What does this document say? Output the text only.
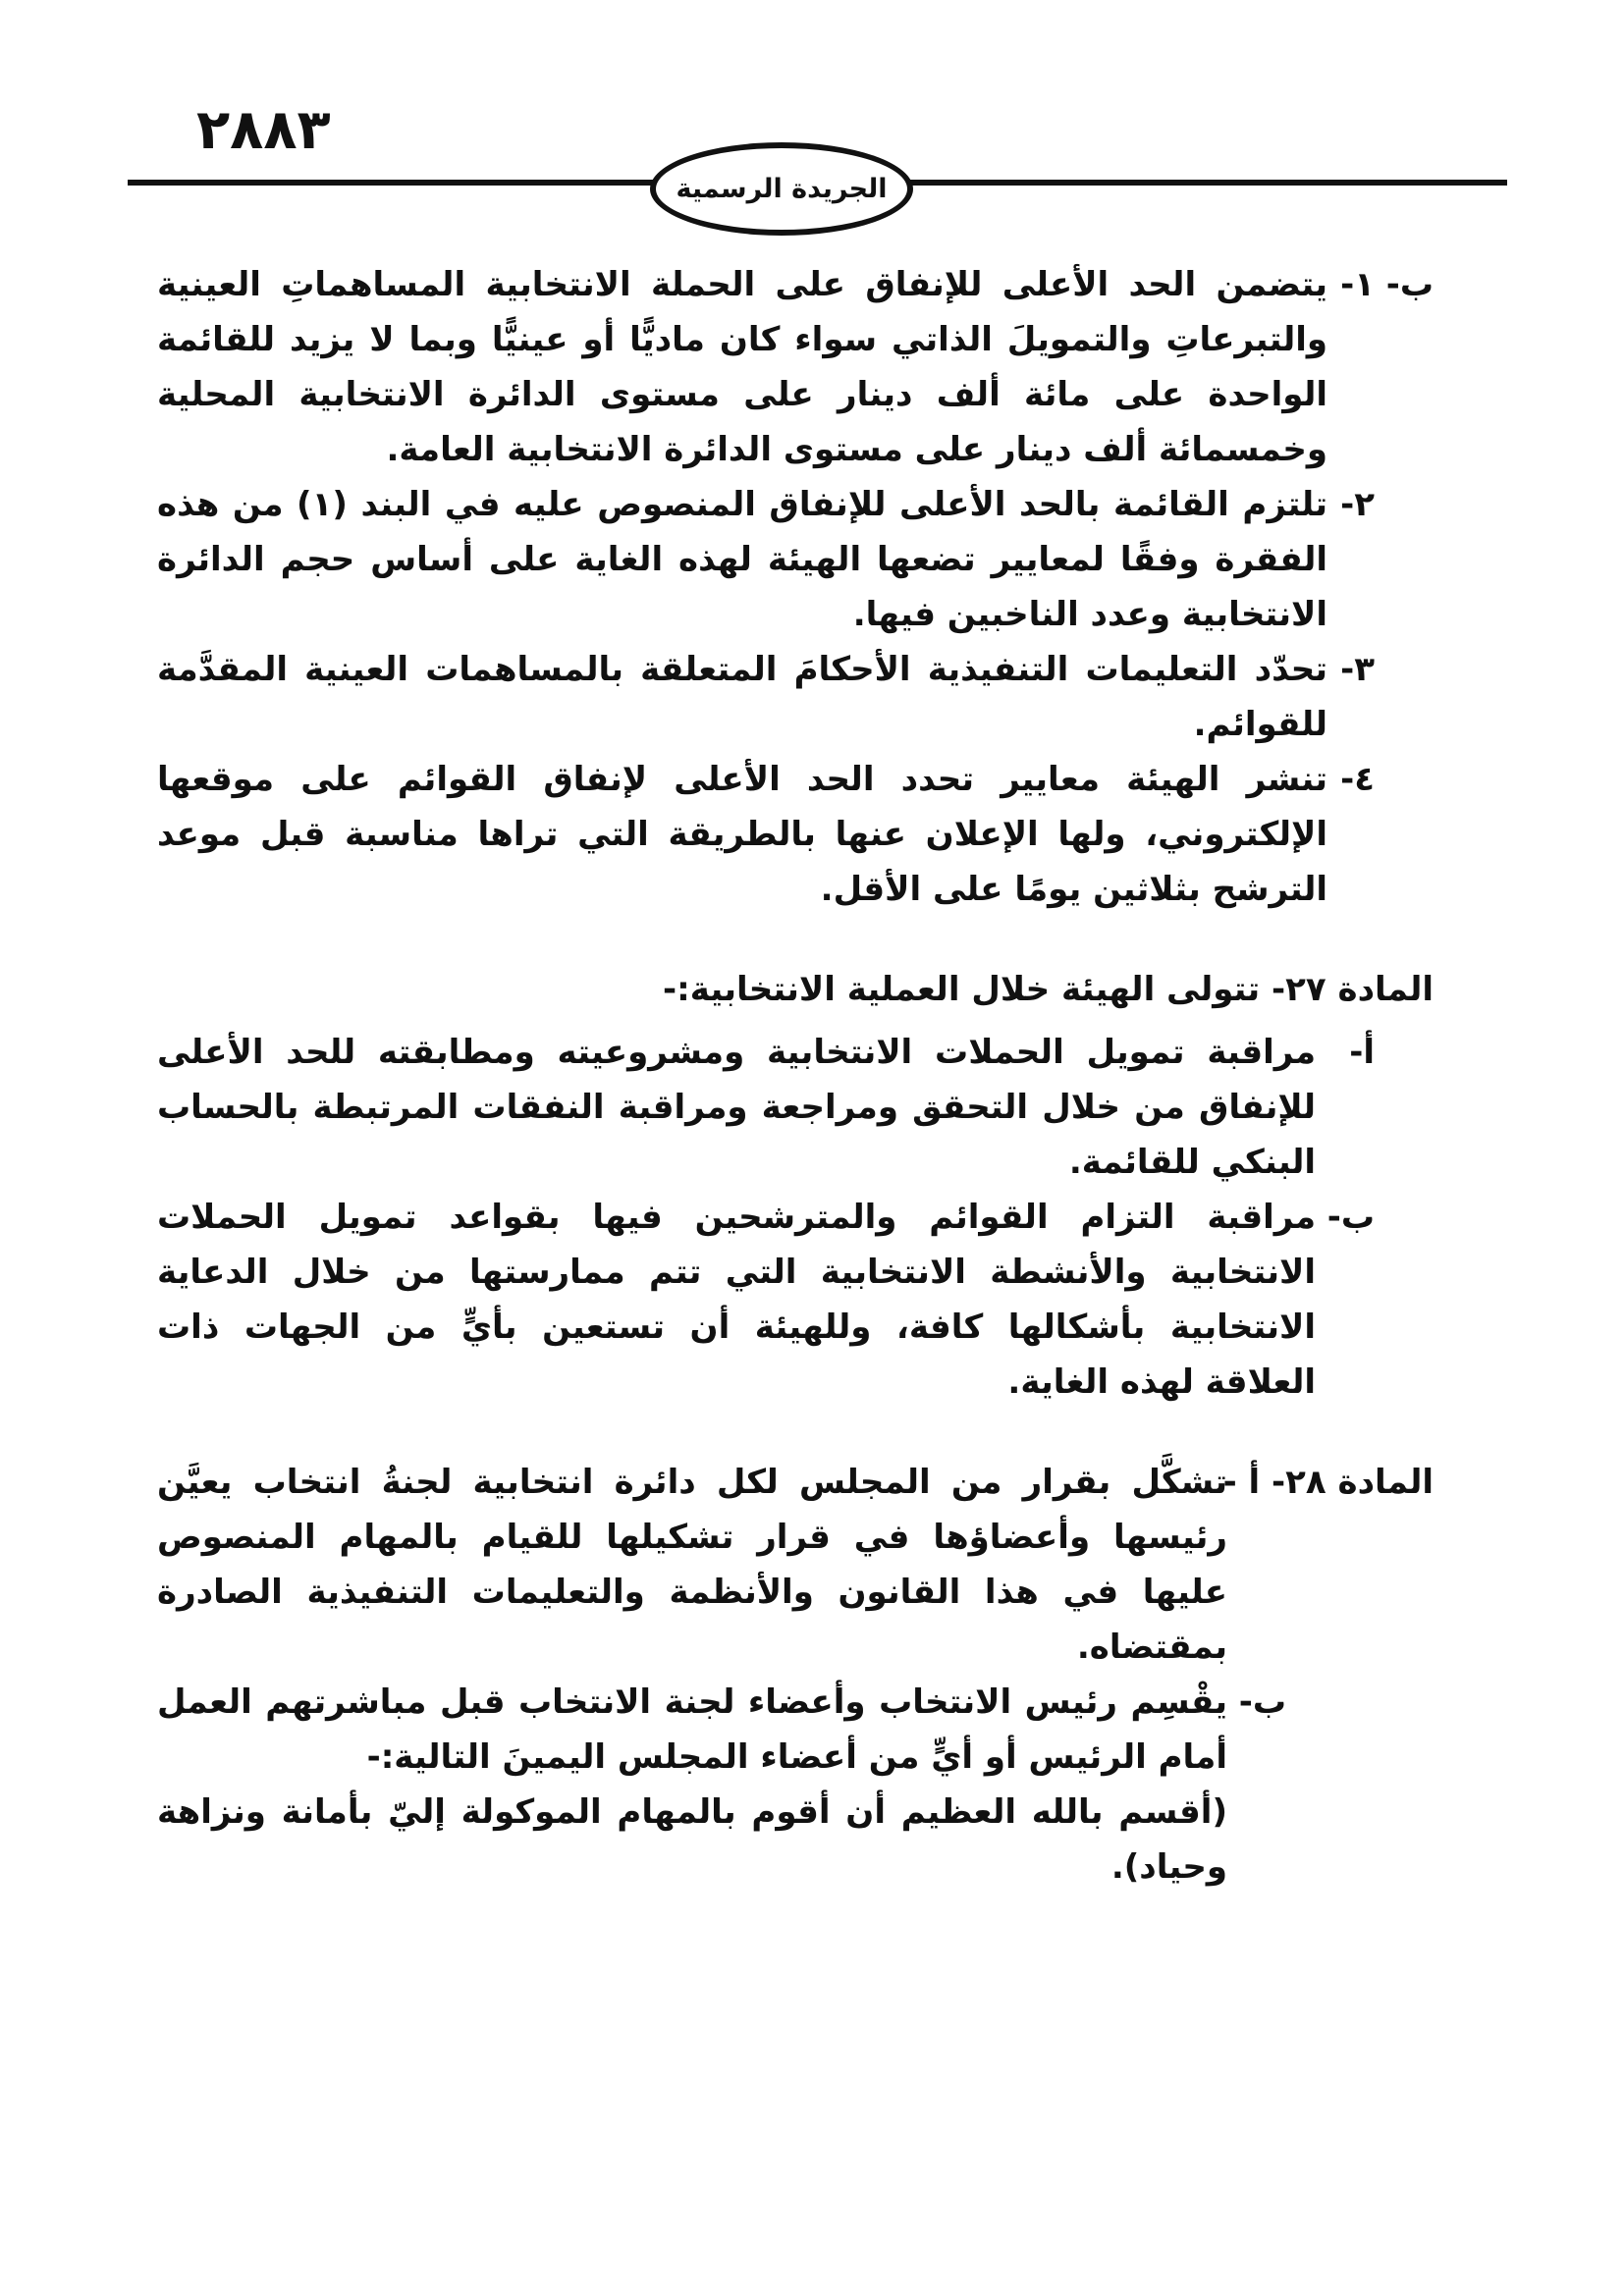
٢٨٨٣
الجريدة الرسمية
ب-
١-
يتضمن الحد الأعلى للإنفاق على الحملة الانتخابية المساهماتِ العينية والتبرعاتِ والتمويلَ الذاتي سواء كان ماديًّا أو عينيًّا وبما لا يزيد للقائمة الواحدة على مائة ألف دينار على مستوى الدائرة الانتخابية المحلية وخمسمائة ألف دينار على مستوى الدائرة الانتخابية العامة.
٢-
تلتزم القائمة بالحد الأعلى للإنفاق المنصوص عليه في البند (١) من هذه الفقرة وفقًا لمعايير تضعها الهيئة لهذه الغاية على أساس حجم الدائرة الانتخابية وعدد الناخبين فيها.
٣-
تحدّد التعليمات التنفيذية الأحكامَ المتعلقة بالمساهمات العينية المقدَّمة للقوائم.
٤-
تنشر الهيئة معايير تحدد الحد الأعلى لإنفاق القوائم على موقعها الإلكتروني، ولها الإعلان عنها بالطريقة التي تراها مناسبة قبل موعد الترشح بثلاثين يومًا على الأقل.
المادة ٢٧- تتولى الهيئة خلال العملية الانتخابية:-
أ-
مراقبة تمويل الحملات الانتخابية ومشروعيته ومطابقته للحد الأعلى للإنفاق من خلال التحقق ومراجعة ومراقبة النفقات المرتبطة بالحساب البنكي للقائمة.
ب-
مراقبة التزام القوائم والمترشحين فيها بقواعد تمويل الحملات الانتخابية والأنشطة الانتخابية التي تتم ممارستها من خلال الدعاية الانتخابية بأشكالها كافة، وللهيئة أن تستعين بأيٍّ من الجهات ذات العلاقة لهذه الغاية.
المادة ٢٨- أ -
تشكَّل بقرار من المجلس لكل دائرة انتخابية لجنةُ انتخاب يعيَّن رئيسها وأعضاؤها في قرار تشكيلها للقيام بالمهام المنصوص عليها في هذا القانون والأنظمة والتعليمات التنفيذية الصادرة بمقتضاه.
ب-
يقْسِم رئيس الانتخاب وأعضاء لجنة الانتخاب قبل مباشرتهم العمل أمام الرئيس أو أيٍّ من أعضاء المجلس اليمينَ التالية:-
(أقسم بالله العظيم أن أقوم بالمهام الموكولة إليّ بأمانة ونزاهة وحياد).
